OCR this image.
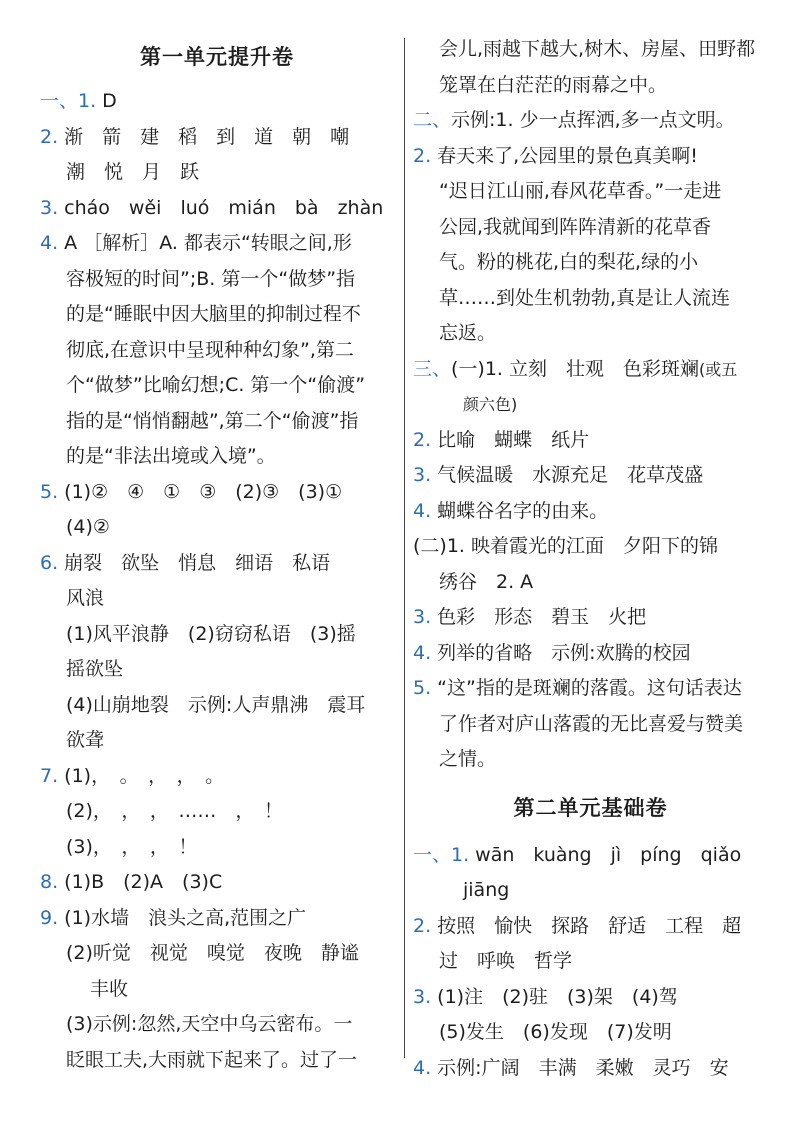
第一单元提升卷
一、1. D
2. 渐　箭　建　稻　到　道　朝　嘲
潮　悦　月　跃
3. cháo　wěi　luó　mián　bà　zhàn
4. A ［解析］A. 都表示“转眼之间,形
容极短的时间”;B. 第一个“做梦”指
的是“睡眠中因大脑里的抑制过程不
彻底,在意识中呈现种种幻象”,第二
个“做梦”比喻幻想;C. 第一个“偷渡”
指的是“悄悄翻越”,第二个“偷渡”指
的是“非法出境或入境”。
5. (1)②　④　①　③　(2)③　(3)①
(4)②
6. 崩裂　欲坠　悄息　细语　私语
风浪
(1)风平浪静　(2)窃窃私语　(3)摇
摇欲坠
(4)山崩地裂　示例:人声鼎沸　震耳
欲聋
7. (1)，　。　，　，　。
(2)，　，　，　……　，　！
(3)，　，　，　！
8. (1)B　(2)A　(3)C
9. (1)水墙　浪头之高,范围之广
(2)听觉　视觉　嗅觉　夜晚　静谧
丰收
(3)示例:忽然,天空中乌云密布。一
眨眼工夫,大雨就下起来了。过了一
会儿,雨越下越大,树木、房屋、田野都
笼罩在白茫茫的雨幕之中。
二、示例:1. 少一点挥洒,多一点文明。
2. 春天来了,公园里的景色真美啊!
“迟日江山丽,春风花草香。”一走进
公园,我就闻到阵阵清新的花草香
气。粉的桃花,白的梨花,绿的小
草……到处生机勃勃,真是让人流连
忘返。
三、(一)1. 立刻　壮观　色彩斑斓(或五
颜六色)
2. 比喻　蝴蝶　纸片
3. 气候温暖　水源充足　花草茂盛
4. 蝴蝶谷名字的由来。
(二)1. 映着霞光的江面　夕阳下的锦
绣谷　2. A
3. 色彩　形态　碧玉　火把
4. 列举的省略　示例:欢腾的校园
5. “这”指的是斑斓的落霞。这句话表达
了作者对庐山落霞的无比喜爱与赞美
之情。
第二单元基础卷
一、1. wān　kuàng　jì　píng　qiǎo
jiāng
2. 按照　愉快　探路　舒适　工程　超
过　呼唤　哲学
3. (1)注　(2)驻　(3)架　(4)驾
(5)发生　(6)发现　(7)发明
4. 示例:广阔　丰满　柔嫩　灵巧　安
